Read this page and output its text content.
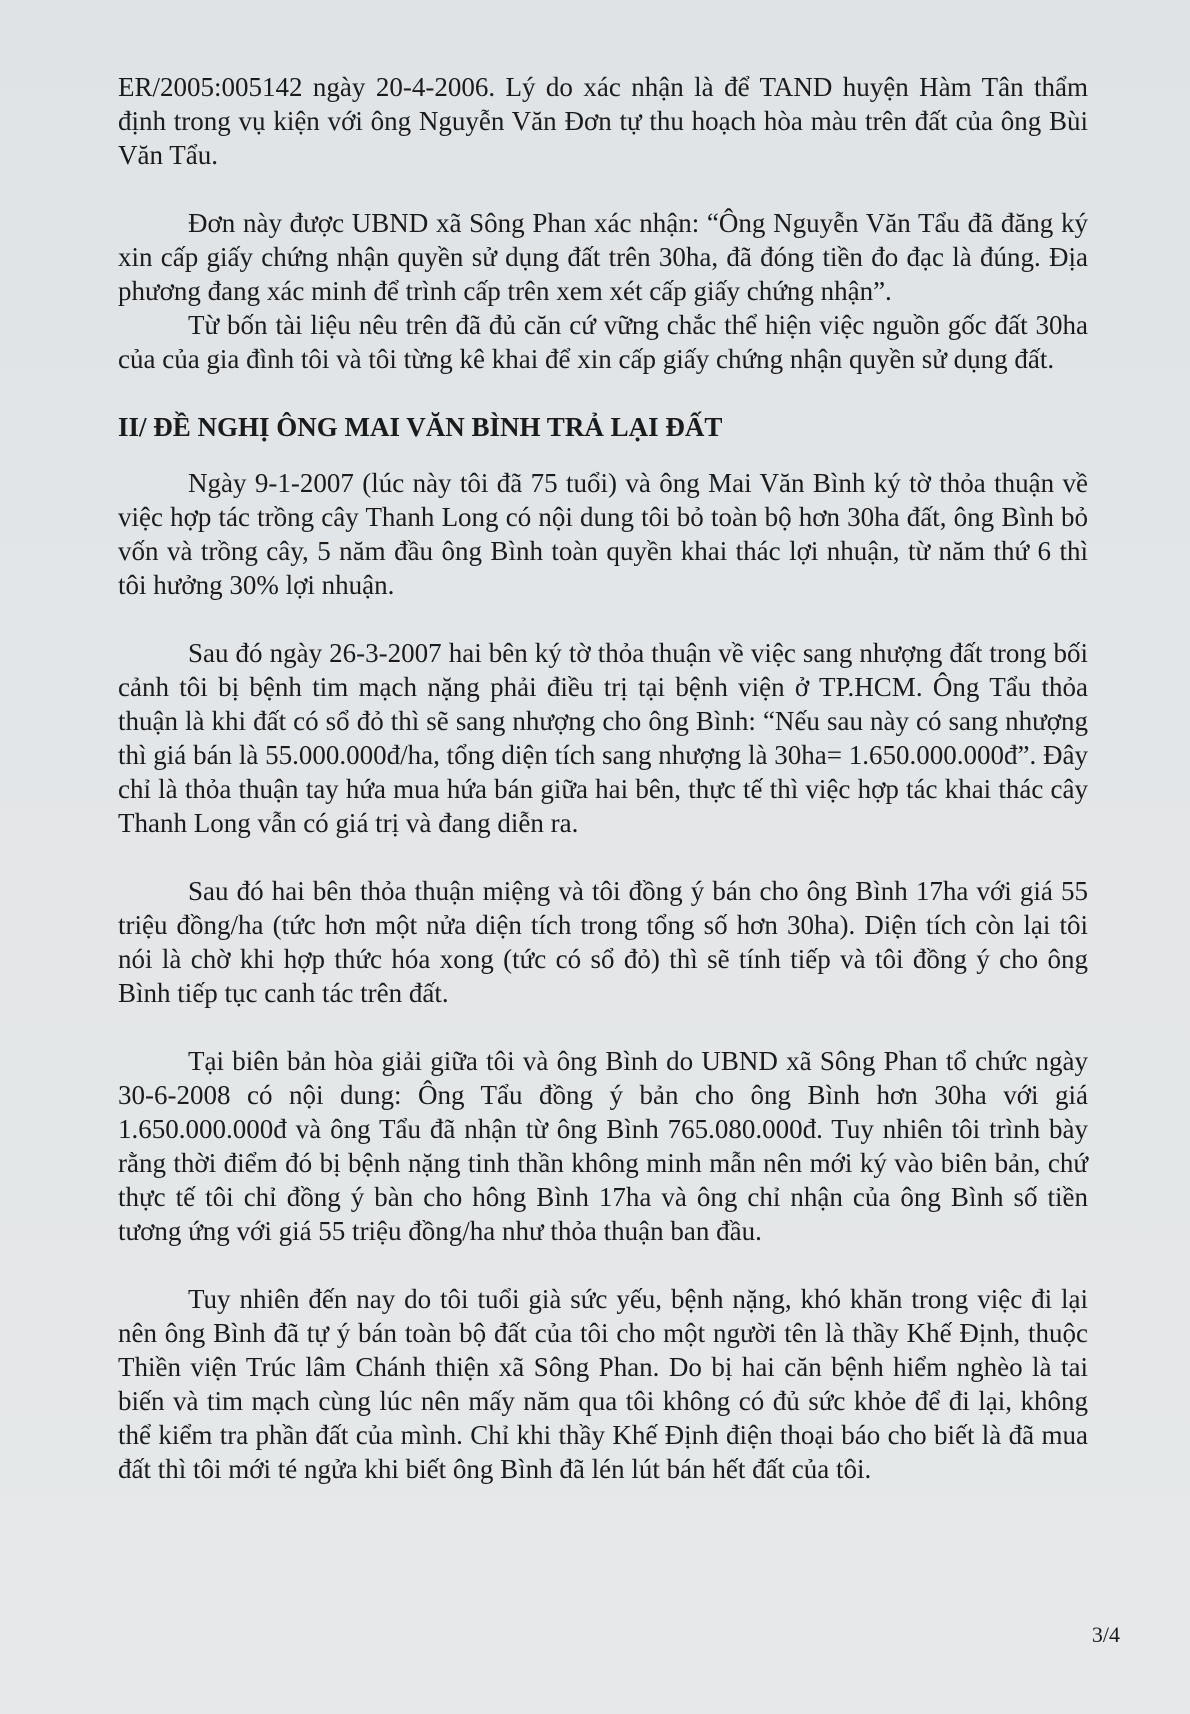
ER/2005:005142 ngày 20-4-2006. Lý do xác nhận là để TAND huyện Hàm Tân thẩm định trong vụ kiện với ông Nguyễn Văn Đơn tự thu hoạch hòa màu trên đất của ông Bùi Văn Tẩu.

Đơn này được UBND xã Sông Phan xác nhận: “Ông Nguyễn Văn Tẩu đã đăng ký xin cấp giấy chứng nhận quyền sử dụng đất trên 30ha, đã đóng tiền đo đạc là đúng. Địa phương đang xác minh để trình cấp trên xem xét cấp giấy chứng nhận”.

Từ bốn tài liệu nêu trên đã đủ căn cứ vững chắc thể hiện việc nguồn gốc đất 30ha của của gia đình tôi và tôi từng kê khai để xin cấp giấy chứng nhận quyền sử dụng đất.

II/ ĐỀ NGHỊ ÔNG MAI VĂN BÌNH TRẢ LẠI ĐẤT

Ngày 9-1-2007 (lúc này tôi đã 75 tuổi) và ông Mai Văn Bình ký tờ thỏa thuận về việc hợp tác trồng cây Thanh Long có nội dung tôi bỏ toàn bộ hơn 30ha đất, ông Bình bỏ vốn và trồng cây, 5 năm đầu ông Bình toàn quyền khai thác lợi nhuận, từ năm thứ 6 thì tôi hưởng 30% lợi nhuận.

Sau đó ngày 26-3-2007 hai bên ký tờ thỏa thuận về việc sang nhượng đất trong bối cảnh tôi bị bệnh tim mạch nặng phải điều trị tại bệnh viện ở TP.HCM. Ông Tẩu thỏa thuận là khi đất có sổ đỏ thì sẽ sang nhượng cho ông Bình: “Nếu sau này có sang nhượng thì giá bán là 55.000.000đ/ha, tổng diện tích sang nhượng là 30ha= 1.650.000.000đ”. Đây chỉ là thỏa thuận tay hứa mua hứa bán giữa hai bên, thực tế thì việc hợp tác khai thác cây Thanh Long vẫn có giá trị và đang diễn ra.

Sau đó hai bên thỏa thuận miệng và tôi đồng ý bán cho ông Bình 17ha với giá 55 triệu đồng/ha (tức hơn một nửa diện tích trong tổng số hơn 30ha). Diện tích còn lại tôi nói là chờ khi hợp thức hóa xong (tức có sổ đỏ) thì sẽ tính tiếp và tôi đồng ý cho ông Bình tiếp tục canh tác trên đất.

Tại biên bản hòa giải giữa tôi và ông Bình do UBND xã Sông Phan tổ chức ngày 30-6-2008 có nội dung: Ông Tẩu đồng ý bản cho ông Bình hơn 30ha với giá 1.650.000.000đ và ông Tẩu đã nhận từ ông Bình 765.080.000đ. Tuy nhiên tôi trình bày rằng thời điểm đó bị bệnh nặng tinh thần không minh mẫn nên mới ký vào biên bản, chứ thực tế tôi chỉ đồng ý bàn cho hông Bình 17ha và ông chỉ nhận của ông Bình số tiền tương ứng với giá 55 triệu đồng/ha như thỏa thuận ban đầu.

Tuy nhiên đến nay do tôi tuổi già sức yếu, bệnh nặng, khó khăn trong việc đi lại nên ông Bình đã tự ý bán toàn bộ đất của tôi cho một người tên là thầy Khế Định, thuộc Thiền viện Trúc lâm Chánh thiện xã Sông Phan. Do bị hai căn bệnh hiểm nghèo là tai biến và tim mạch cùng lúc nên mấy năm qua tôi không có đủ sức khỏe để đi lại, không thể kiểm tra phần đất của mình. Chỉ khi thầy Khế Định điện thoại báo cho biết là đã mua đất thì tôi mới té ngửa khi biết ông Bình đã lén lút bán hết đất của tôi.

3/4
